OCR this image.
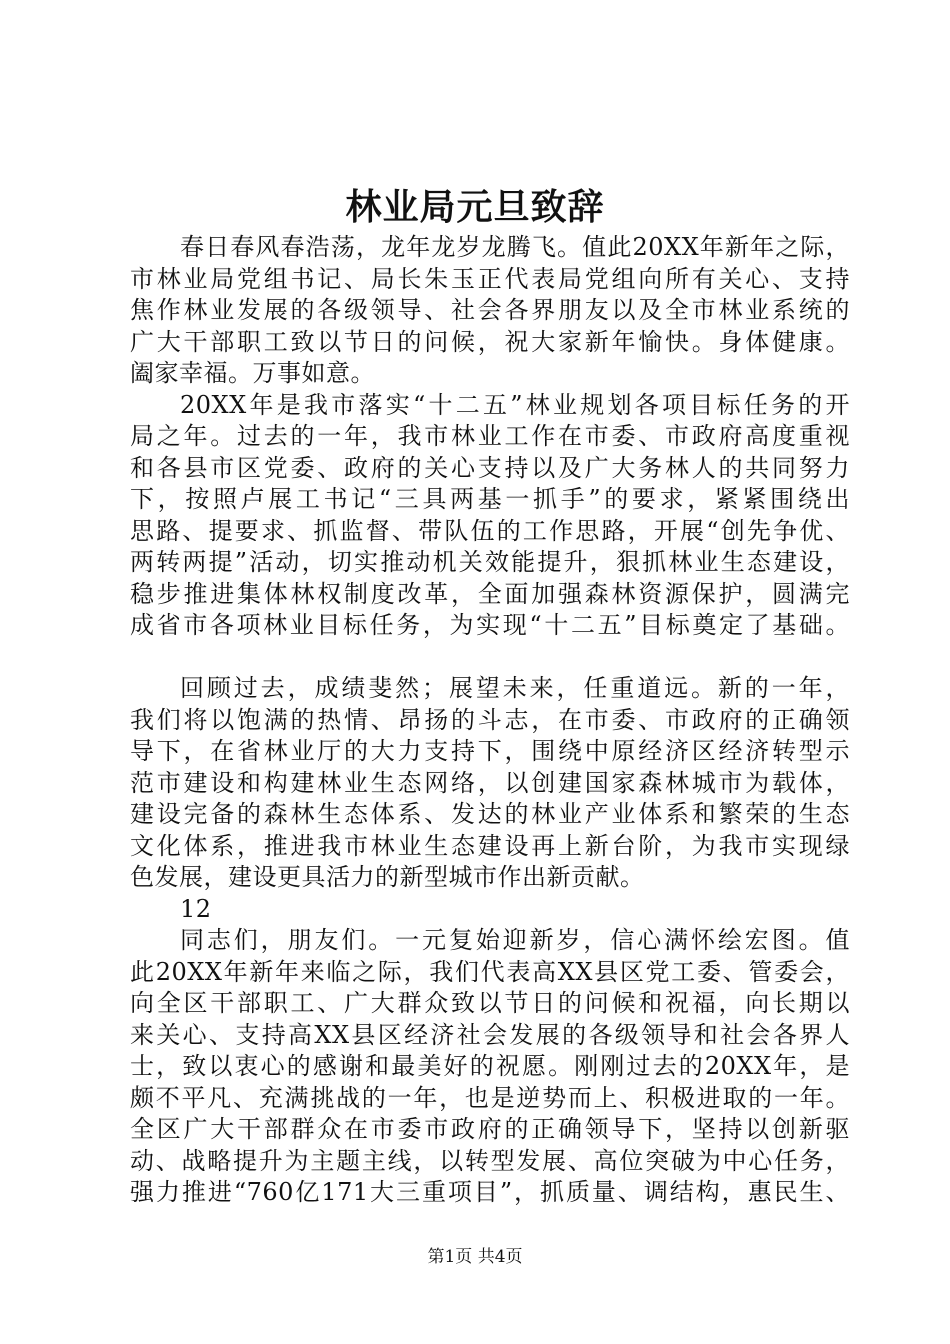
林业局元旦致辞
春日春风春浩荡，龙年龙岁龙腾飞。值此20XX年新年之际，
市林业局党组书记、局长朱玉正代表局党组向所有关心、支持
焦作林业发展的各级领导、社会各界朋友以及全市林业系统的
广大干部职工致以节日的问候，祝大家新年愉快。身体健康。
阖家幸福。万事如意。
20XX年是我市落实“十二五”林业规划各项目标任务的开
局之年。过去的一年，我市林业工作在市委、市政府高度重视
和各县市区党委、政府的关心支持以及广大务林人的共同努力
下，按照卢展工书记“三具两基一抓手”的要求，紧紧围绕出
思路、提要求、抓监督、带队伍的工作思路，开展“创先争优、
两转两提”活动，切实推动机关效能提升，狠抓林业生态建设，
稳步推进集体林权制度改革，全面加强森林资源保护，圆满完
成省市各项林业目标任务，为实现“十二五”目标奠定了基础。
回顾过去，成绩斐然；展望未来，任重道远。新的一年，
我们将以饱满的热情、昂扬的斗志，在市委、市政府的正确领
导下，在省林业厅的大力支持下，围绕中原经济区经济转型示
范市建设和构建林业生态网络，以创建国家森林城市为载体，
建设完备的森林生态体系、发达的林业产业体系和繁荣的生态
文化体系，推进我市林业生态建设再上新台阶，为我市实现绿
色发展，建设更具活力的新型城市作出新贡献。
12
同志们，朋友们。一元复始迎新岁，信心满怀绘宏图。值
此20XX年新年来临之际，我们代表高XX县区党工委、管委会，
向全区干部职工、广大群众致以节日的问候和祝福，向长期以
来关心、支持高XX县区经济社会发展的各级领导和社会各界人
士，致以衷心的感谢和最美好的祝愿。刚刚过去的20XX年，是
颇不平凡、充满挑战的一年，也是逆势而上、积极进取的一年。
全区广大干部群众在市委市政府的正确领导下，坚持以创新驱
动、战略提升为主题主线，以转型发展、高位突破为中心任务，
强力推进“760亿171大三重项目”，抓质量、调结构，惠民生、
第1页 共4页
